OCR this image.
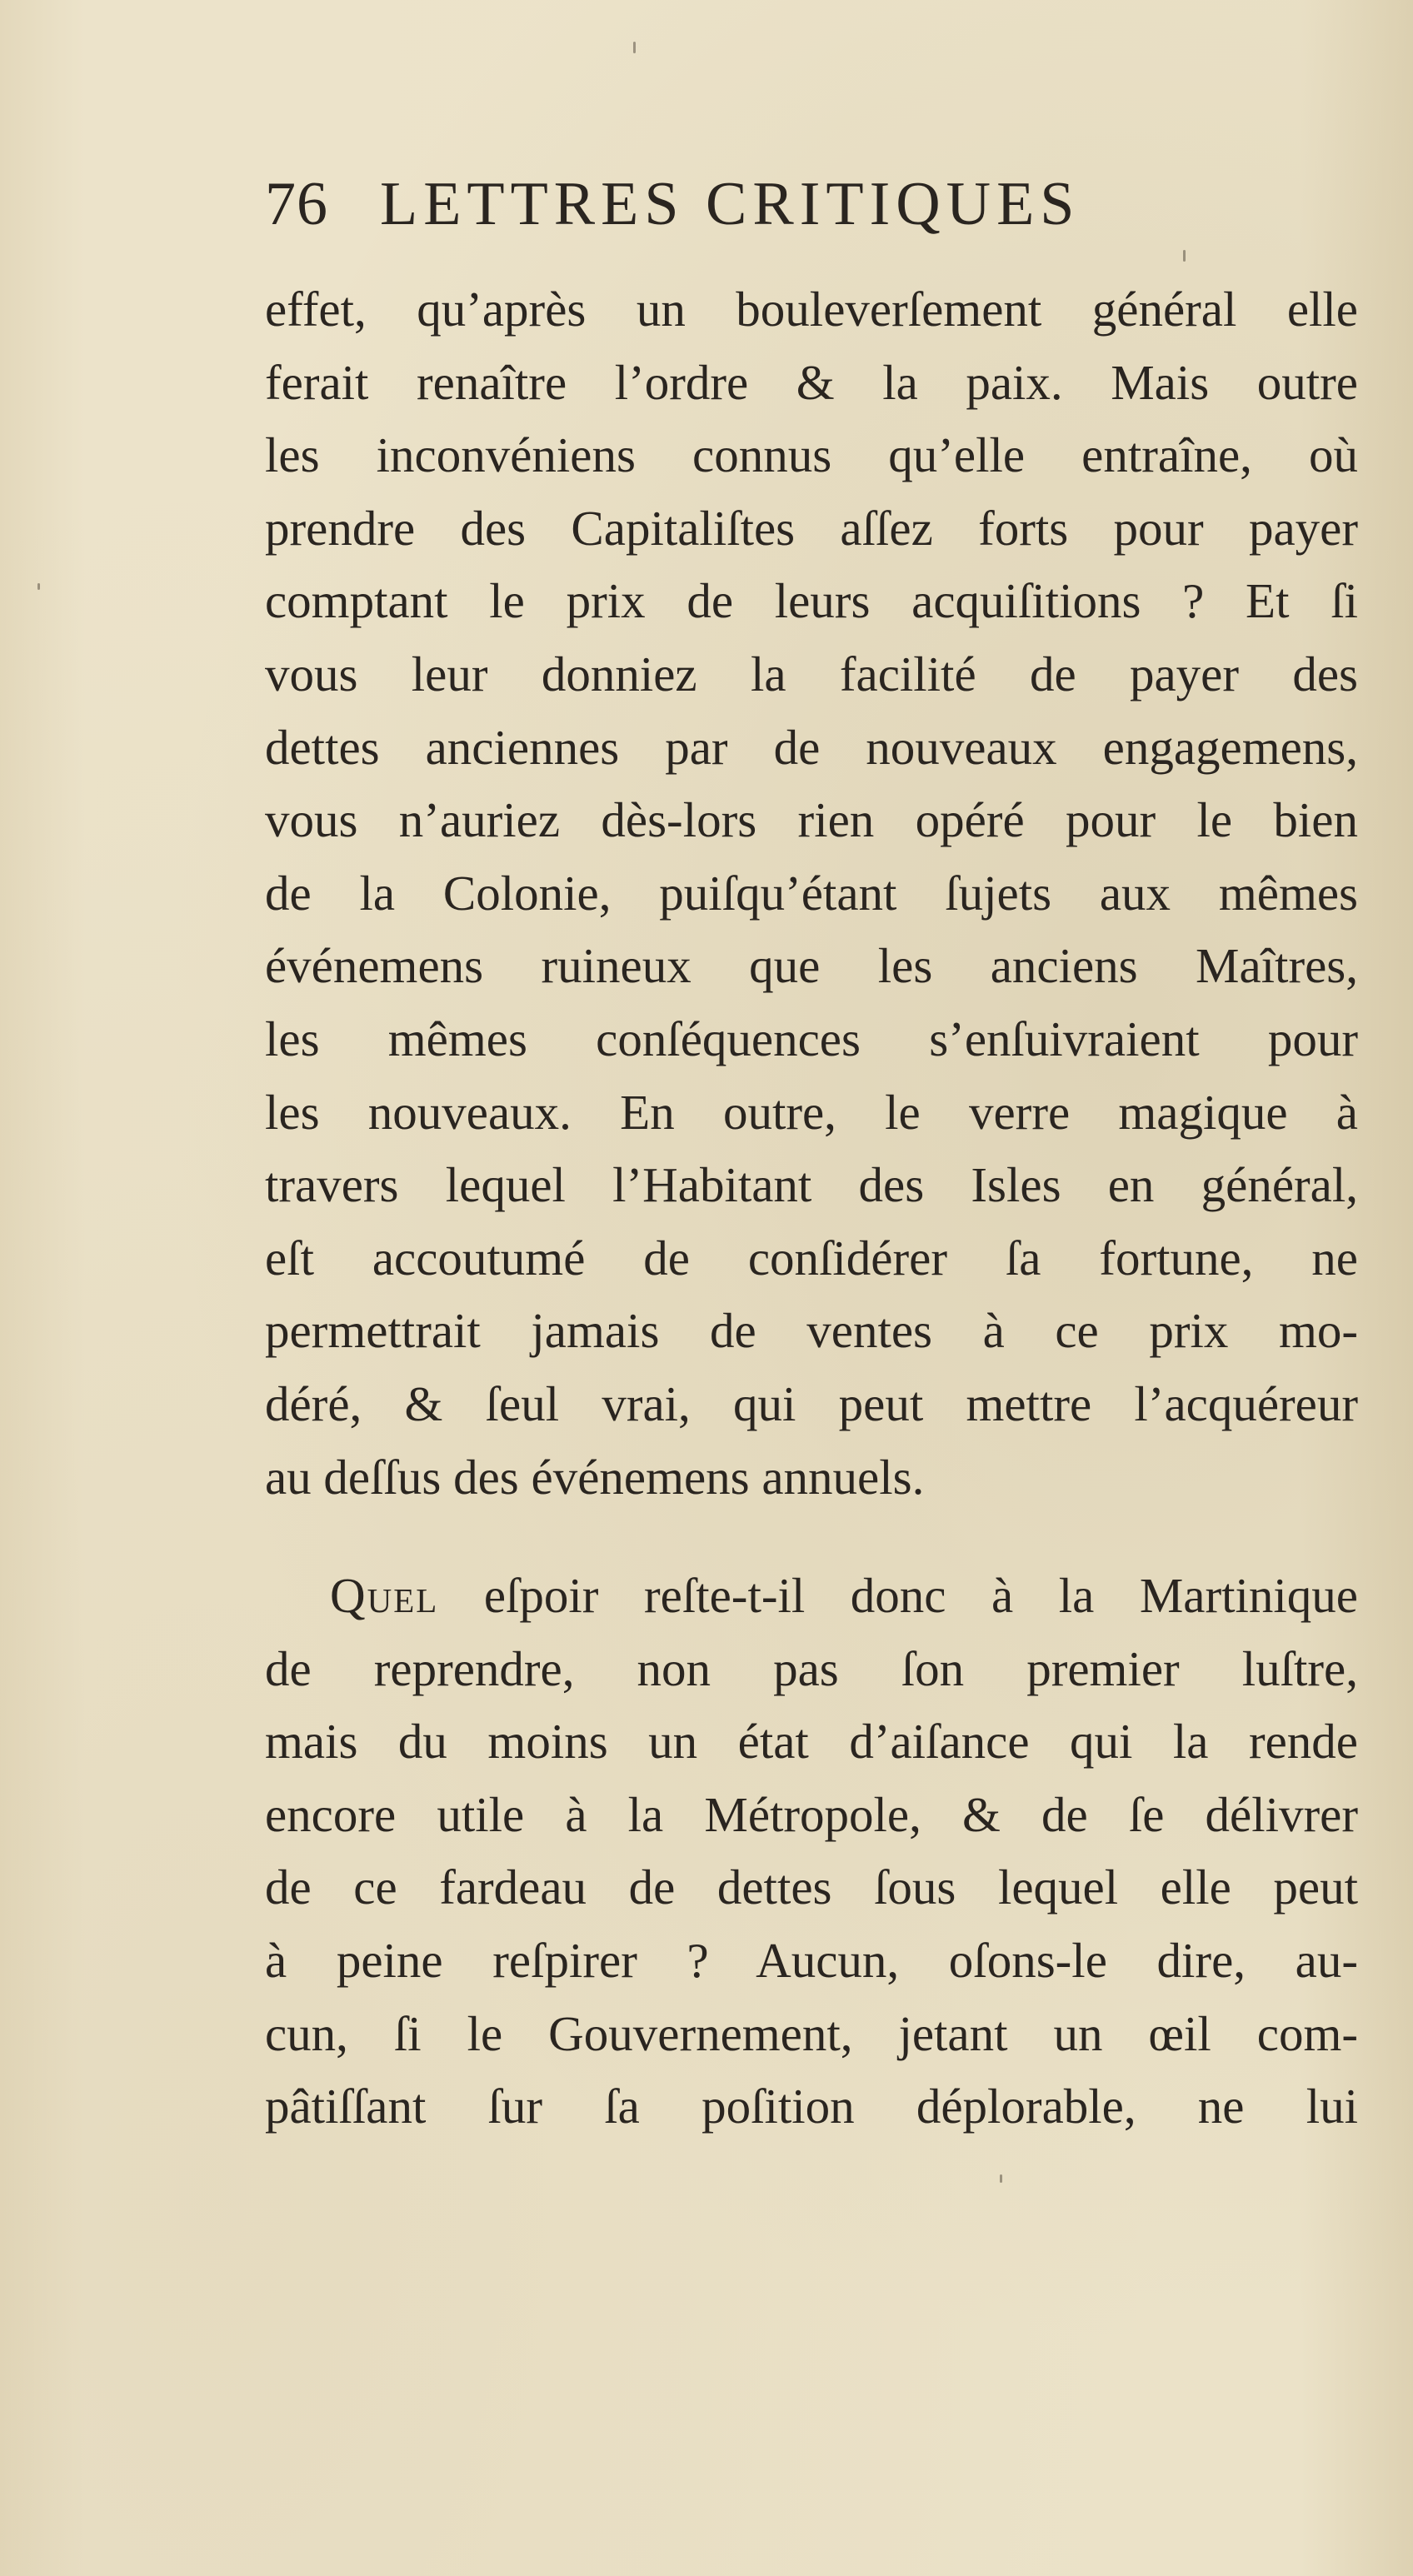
76 LETTRES CRITIQUES
effet, qu’après un bouleverſement général elle
ferait renaître l’ordre & la paix. Mais outre
les inconvéniens connus qu’elle entraîne, où
prendre des Capitaliſtes aſſez forts pour payer
comptant le prix de leurs acquiſitions ? Et ſi
vous leur donniez la facilité de payer des
dettes anciennes par de nouveaux engagemens,
vous n’auriez dès-lors rien opéré pour le bien
de la Colonie, puiſqu’étant ſujets aux mêmes
événemens ruineux que les anciens Maîtres,
les mêmes conſéquences s’enſuivraient pour
les nouveaux. En outre, le verre magique à
travers lequel l’Habitant des Isles en général,
eſt accoutumé de conſidérer ſa fortune, ne
permettrait jamais de ventes à ce prix mo-
déré, & ſeul vrai, qui peut mettre l’acquéreur
au deſſus des événemens annuels.
Quel eſpoir reſte-t-il donc à la Martinique
de reprendre, non pas ſon premier luſtre,
mais du moins un état d’aiſance qui la rende
encore utile à la Métropole, & de ſe délivrer
de ce fardeau de dettes ſous lequel elle peut
à peine reſpirer ? Aucun, oſons-le dire, au-
cun, ſi le Gouvernement, jetant un œil com-
pâtiſſant ſur ſa poſition déplorable, ne lui
